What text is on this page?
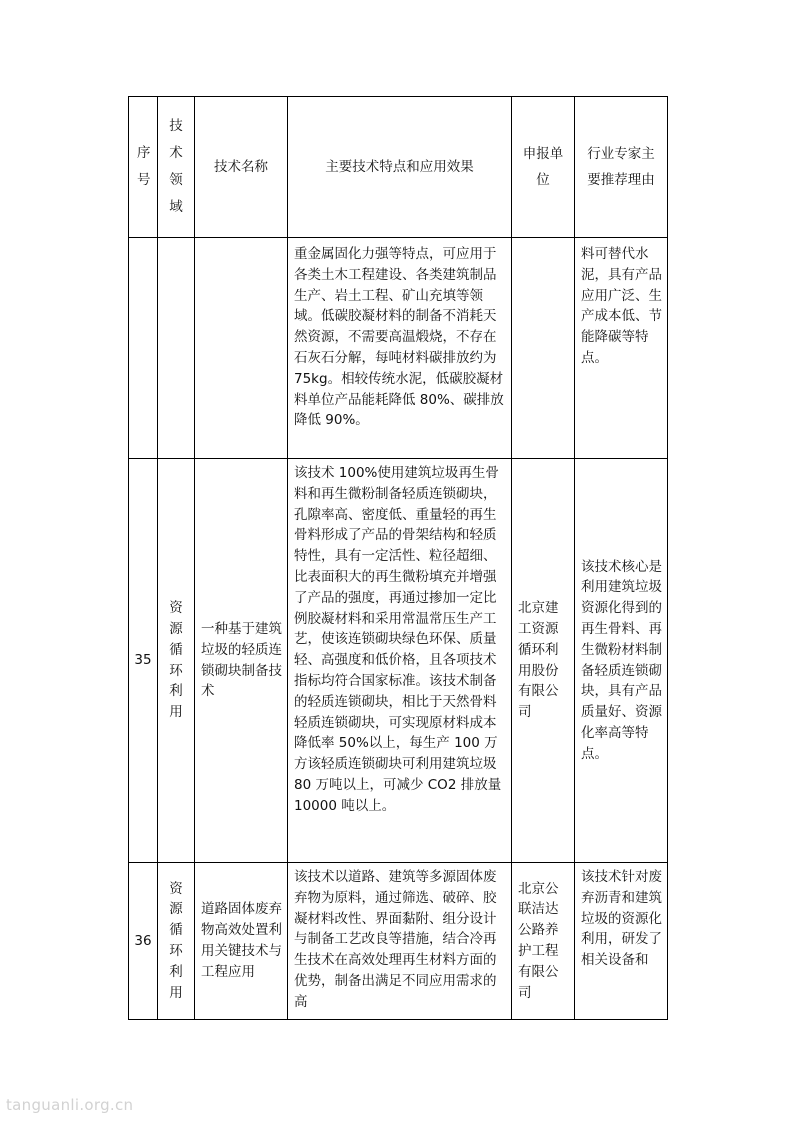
序号	技术领域	技术名称	主要技术特点和应用效果	申报单位	行业专家主要推荐理由
			重金属固化力强等特点，可应用于各类土木工程建设、各类建筑制品生产、岩土工程、矿山充填等领域。低碳胶凝材料的制备不消耗天然资源，不需要高温煅烧，不存在石灰石分解，每吨材料碳排放约为 75kg。相较传统水泥，低碳胶凝材料单位产品能耗降低 80%、碳排放降低 90%。		料可替代水泥，具有产品应用广泛、生产成本低、节能降碳等特点。
35	资源循环利用	一种基于建筑垃圾的轻质连锁砌块制备技术	该技术 100%使用建筑垃圾再生骨料和再生微粉制备轻质连锁砌块，孔隙率高、密度低、重量轻的再生骨料形成了产品的骨架结构和轻质特性，具有一定活性、粒径超细、比表面积大的再生微粉填充并增强了产品的强度，再通过掺加一定比例胶凝材料和采用常温常压生产工艺，使该连锁砌块绿色环保、质量轻、高强度和低价格，且各项技术指标均符合国家标准。该技术制备的轻质连锁砌块，相比于天然骨料轻质连锁砌块，可实现原材料成本降低率 50%以上，每生产 100 万方该轻质连锁砌块可利用建筑垃圾 80 万吨以上，可减少 CO2 排放量 10000 吨以上。	北京建工资源循环利用股份有限公司	该技术核心是利用建筑垃圾资源化得到的再生骨料、再生微粉材料制备轻质连锁砌块，具有产品质量好、资源化率高等特点。
36	资源循环利用	道路固体废弃物高效处置利用关键技术与工程应用	该技术以道路、建筑等多源固体废弃物为原料，通过筛选、破碎、胶凝材料改性、界面黏附、组分设计与制备工艺改良等措施，结合冷再生技术在高效处理再生材料方面的优势，制备出满足不同应用需求的高	北京公联洁达公路养护工程有限公司	该技术针对废弃沥青和建筑垃圾的资源化利用，研发了相关设备和
tanguanli.org.cn
